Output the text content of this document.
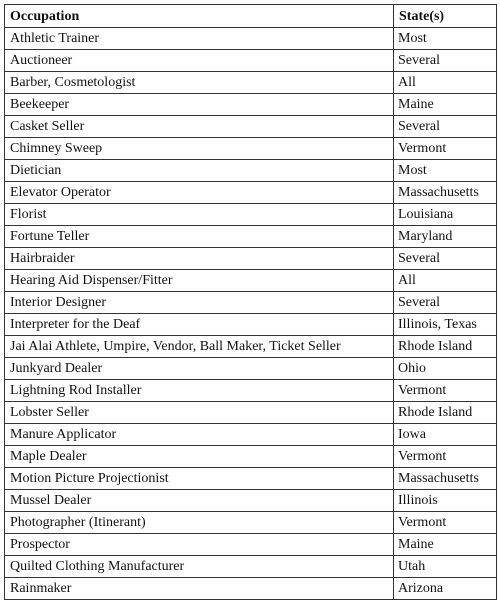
Occupation	State(s)
Athletic Trainer	Most
Auctioneer	Several
Barber, Cosmetologist	All
Beekeeper	Maine
Casket Seller	Several
Chimney Sweep	Vermont
Dietician	Most
Elevator Operator	Massachusetts
Florist	Louisiana
Fortune Teller	Maryland
Hairbraider	Several
Hearing Aid Dispenser/Fitter	All
Interior Designer	Several
Interpreter for the Deaf	Illinois, Texas
Jai Alai Athlete, Umpire, Vendor, Ball Maker, Ticket Seller	Rhode Island
Junkyard Dealer	Ohio
Lightning Rod Installer	Vermont
Lobster Seller	Rhode Island
Manure Applicator	Iowa
Maple Dealer	Vermont
Motion Picture Projectionist	Massachusetts
Mussel Dealer	Illinois
Photographer (Itinerant)	Vermont
Prospector	Maine
Quilted Clothing Manufacturer	Utah
Rainmaker	Arizona
